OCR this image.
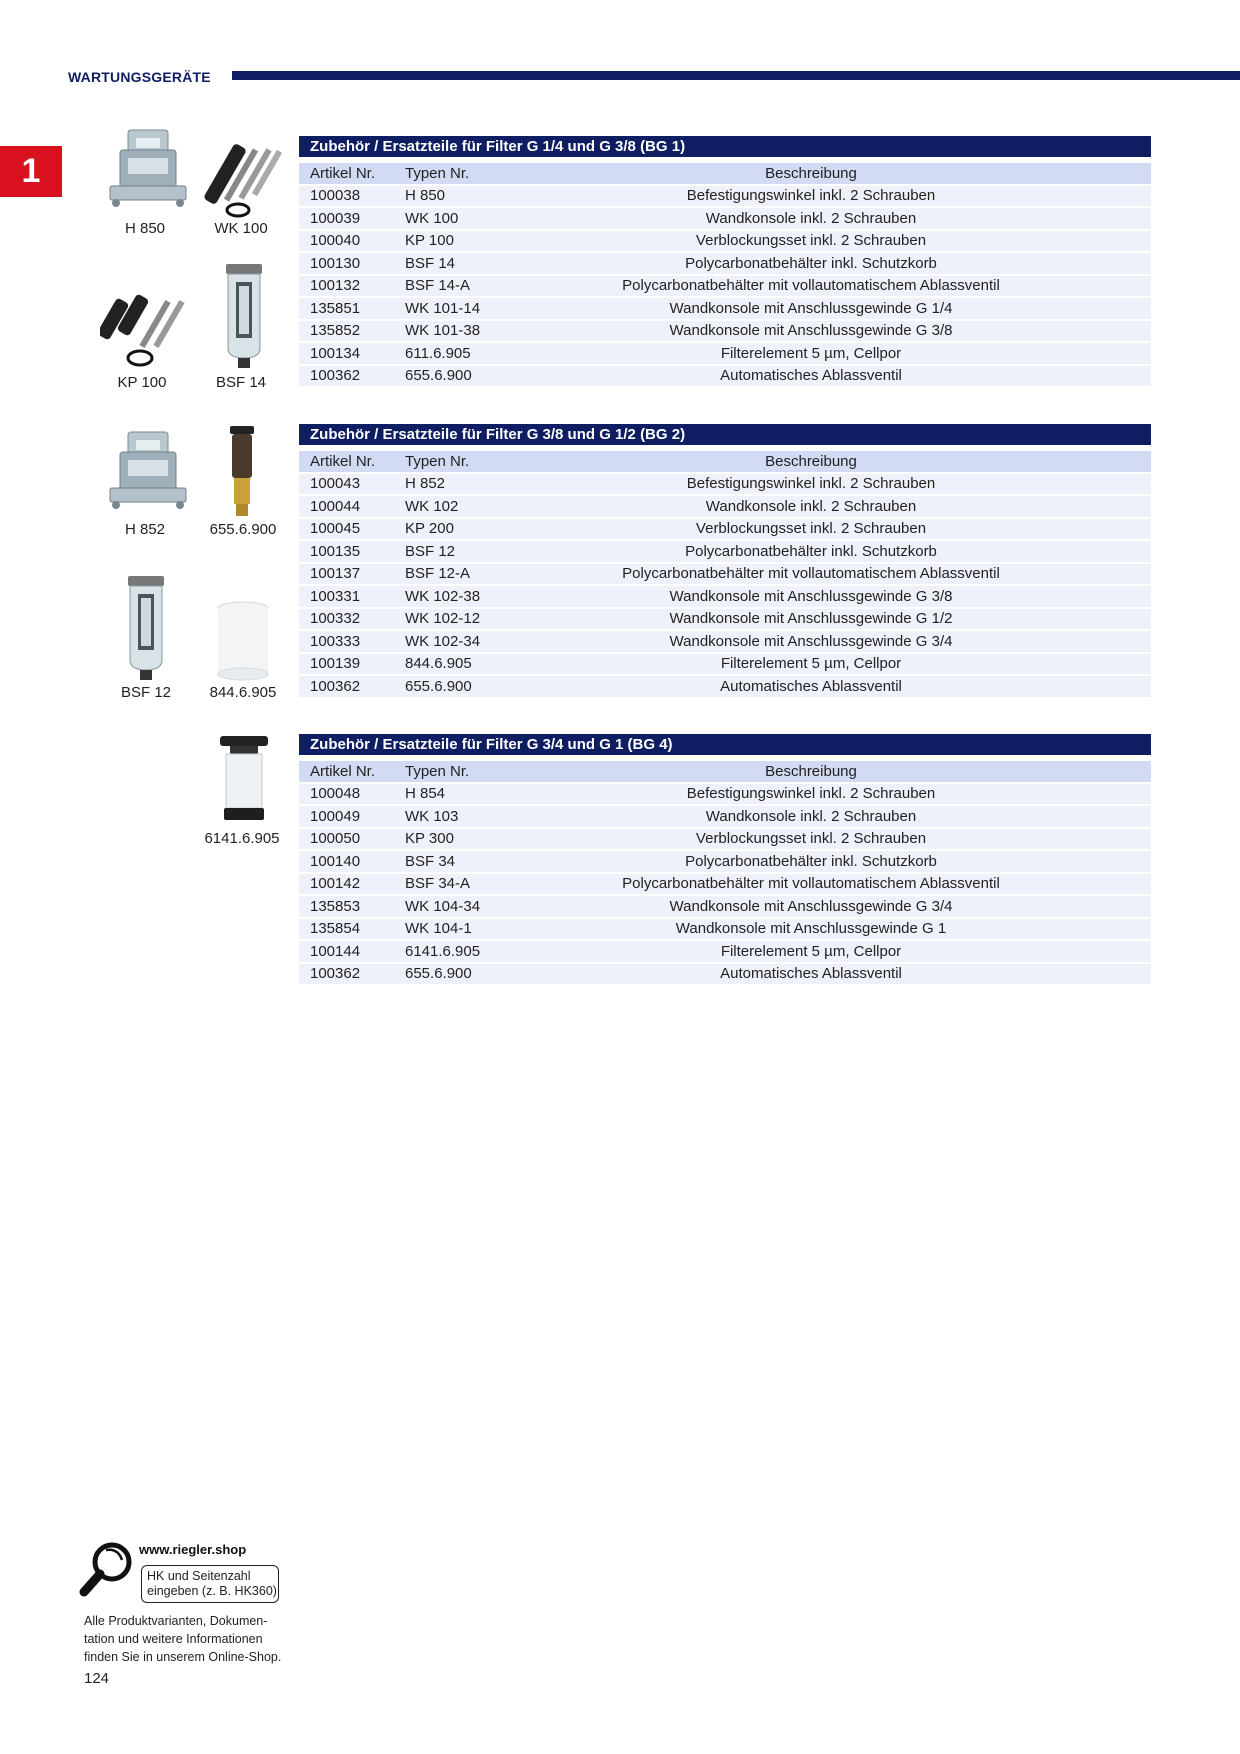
WARTUNGSGERÄTE
1
H 850	WK 100
KP 100	BSF 14
H 852	655.6.900
BSF 12	844.6.905
6141.6.905
Zubehör / Ersatzteile für Filter G 1/4 und G 3/8 (BG 1)
Artikel Nr.	Typen Nr.	Beschreibung
100038	H 850	Befestigungswinkel inkl. 2 Schrauben
100039	WK 100	Wandkonsole inkl. 2 Schrauben
100040	KP 100	Verblockungsset inkl. 2 Schrauben
100130	BSF 14	Polycarbonatbehälter inkl. Schutzkorb
100132	BSF 14-A	Polycarbonatbehälter mit vollautomatischem Ablassventil
135851	WK 101-14	Wandkonsole mit Anschlussgewinde G 1/4
135852	WK 101-38	Wandkonsole mit Anschlussgewinde G 3/8
100134	611.6.905	Filterelement 5 µm, Cellpor
100362	655.6.900	Automatisches Ablassventil
Zubehör / Ersatzteile für Filter G 3/8 und G 1/2 (BG 2)
Artikel Nr.	Typen Nr.	Beschreibung
100043	H 852	Befestigungswinkel inkl. 2 Schrauben
100044	WK 102	Wandkonsole inkl. 2 Schrauben
100045	KP 200	Verblockungsset inkl. 2 Schrauben
100135	BSF 12	Polycarbonatbehälter inkl. Schutzkorb
100137	BSF 12-A	Polycarbonatbehälter mit vollautomatischem Ablassventil
100331	WK 102-38	Wandkonsole mit Anschlussgewinde G 3/8
100332	WK 102-12	Wandkonsole mit Anschlussgewinde G 1/2
100333	WK 102-34	Wandkonsole mit Anschlussgewinde G 3/4
100139	844.6.905	Filterelement 5 µm, Cellpor
100362	655.6.900	Automatisches Ablassventil
Zubehör / Ersatzteile für Filter G 3/4 und G 1 (BG 4)
Artikel Nr.	Typen Nr.	Beschreibung
100048	H 854	Befestigungswinkel inkl. 2 Schrauben
100049	WK 103	Wandkonsole inkl. 2 Schrauben
100050	KP 300	Verblockungsset inkl. 2 Schrauben
100140	BSF 34	Polycarbonatbehälter inkl. Schutzkorb
100142	BSF 34-A	Polycarbonatbehälter mit vollautomatischem Ablassventil
135853	WK 104-34	Wandkonsole mit Anschlussgewinde G 3/4
135854	WK 104-1	Wandkonsole mit Anschlussgewinde G 1
100144	6141.6.905	Filterelement 5 µm, Cellpor
100362	655.6.900	Automatisches Ablassventil
www.riegler.shop
HK und Seitenzahl
eingeben (z. B. HK360)
Alle Produktvarianten, Dokumen-
tation und weitere Informationen
finden Sie in unserem Online-Shop.
124
